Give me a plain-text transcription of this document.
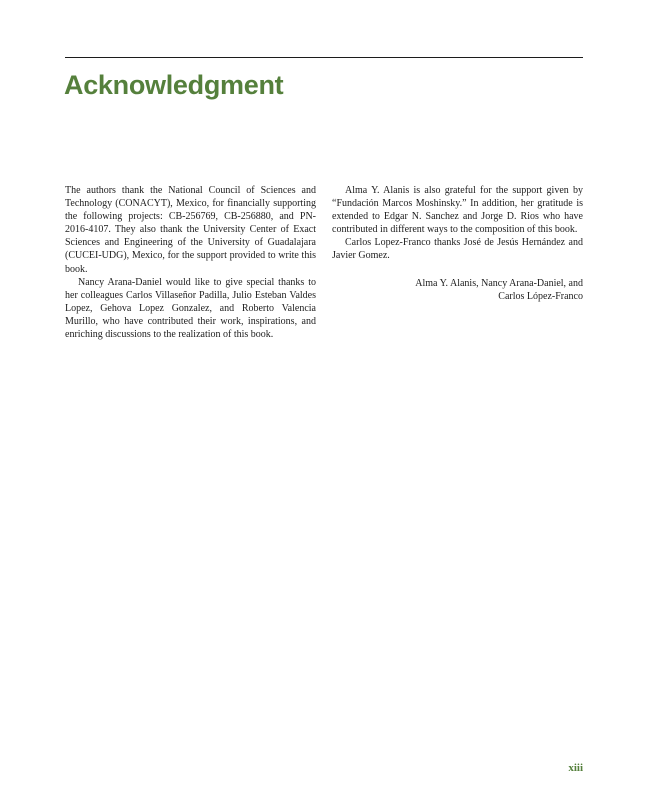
Acknowledgment

The authors thank the National Council of Sciences and Technology (CONACYT), Mexico, for financially supporting the following projects: CB-256769, CB-256880, and PN-2016-4107. They also thank the University Center of Exact Sciences and Engineering of the University of Guadalajara (CUCEI-UDG), Mexico, for the support provided to write this book.

Nancy Arana-Daniel would like to give special thanks to her colleagues Carlos Villaseñor Padilla, Julio Esteban Valdes Lopez, Gehova Lopez Gonzalez, and Roberto Valencia Murillo, who have contributed their work, inspirations, and enriching discussions to the realization of this book.

Alma Y. Alanis is also grateful for the support given by “Fundación Marcos Moshinsky.” In addition, her gratitude is extended to Edgar N. Sanchez and Jorge D. Rios who have contributed in different ways to the composition of this book.

Carlos Lopez-Franco thanks José de Jesús Hernández and Javier Gomez.

Alma Y. Alanis, Nancy Arana-Daniel, and
Carlos López-Franco
xiii
